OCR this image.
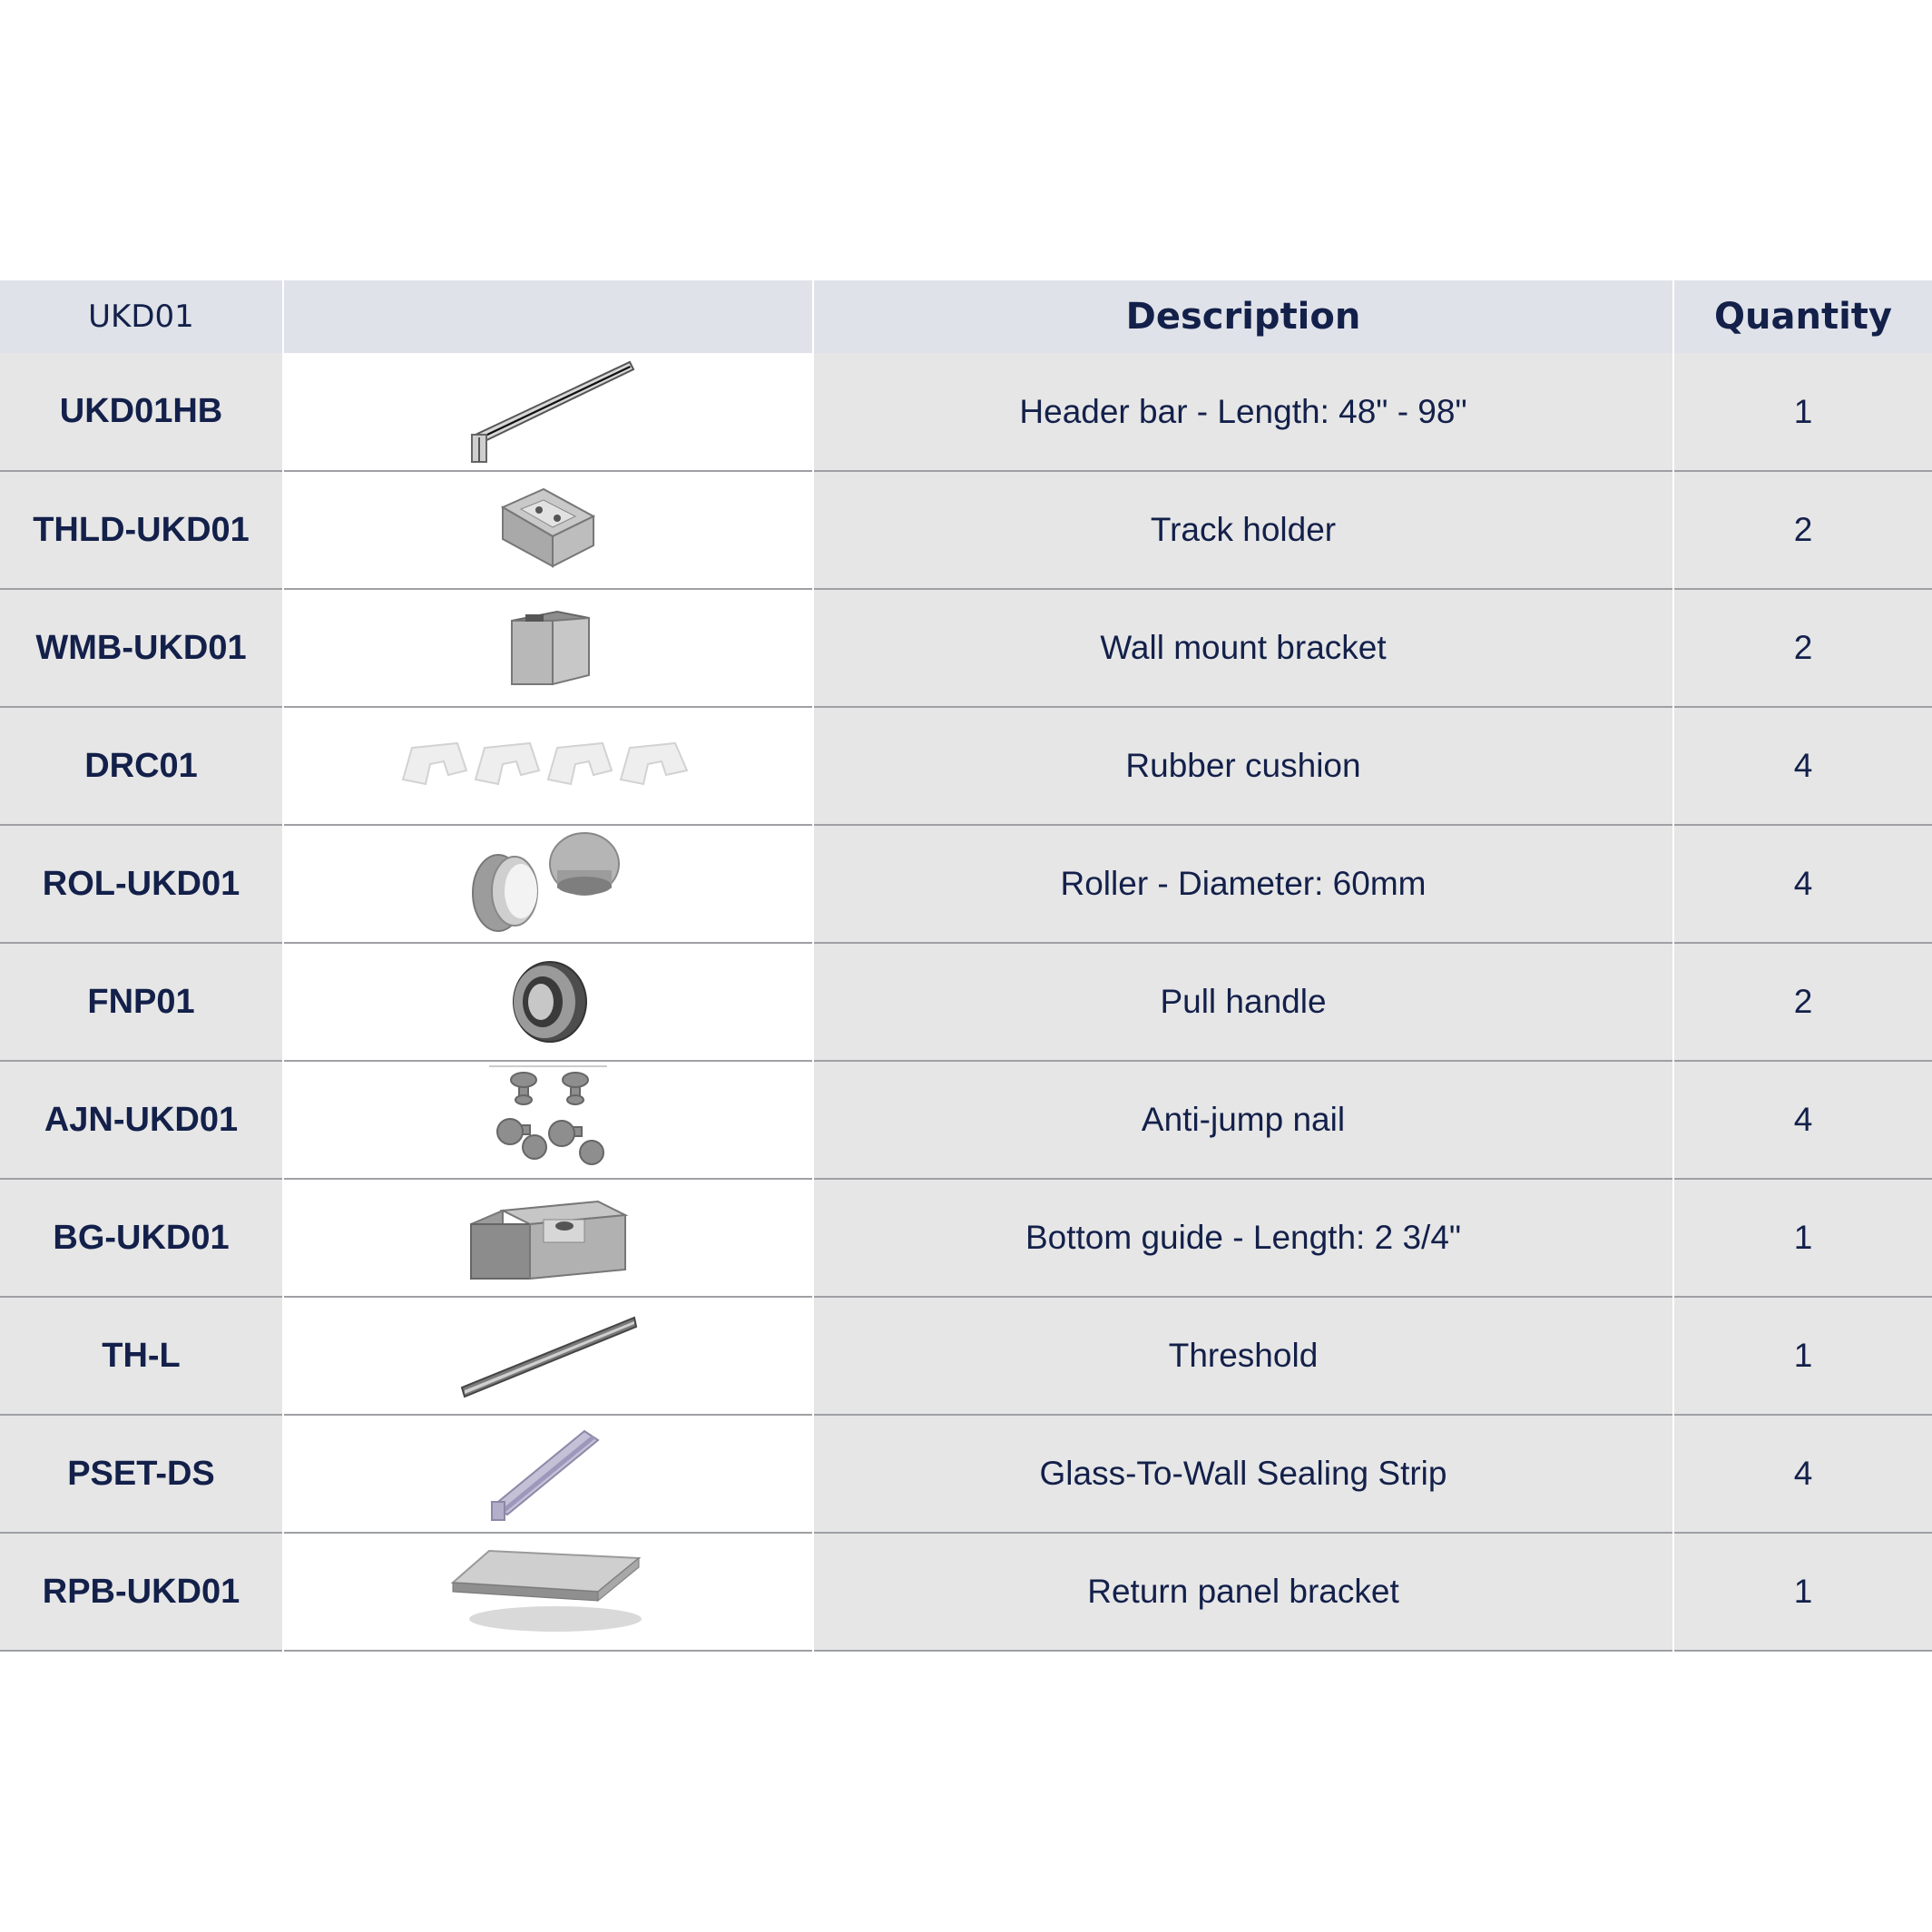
UKD01		Description	Quantity
UKD01HB		Header bar - Length: 48" - 98"	1
THLD-UKD01		Track holder	2
WMB-UKD01		Wall mount bracket	2
DRC01		Rubber cushion	4
ROL-UKD01		Roller - Diameter: 60mm	4
FNP01		Pull handle	2
AJN-UKD01		Anti-jump nail	4
BG-UKD01		Bottom guide - Length: 2 3/4"	1
TH-L		Threshold	1
PSET-DS		Glass-To-Wall Sealing Strip	4
RPB-UKD01		Return panel bracket	1
